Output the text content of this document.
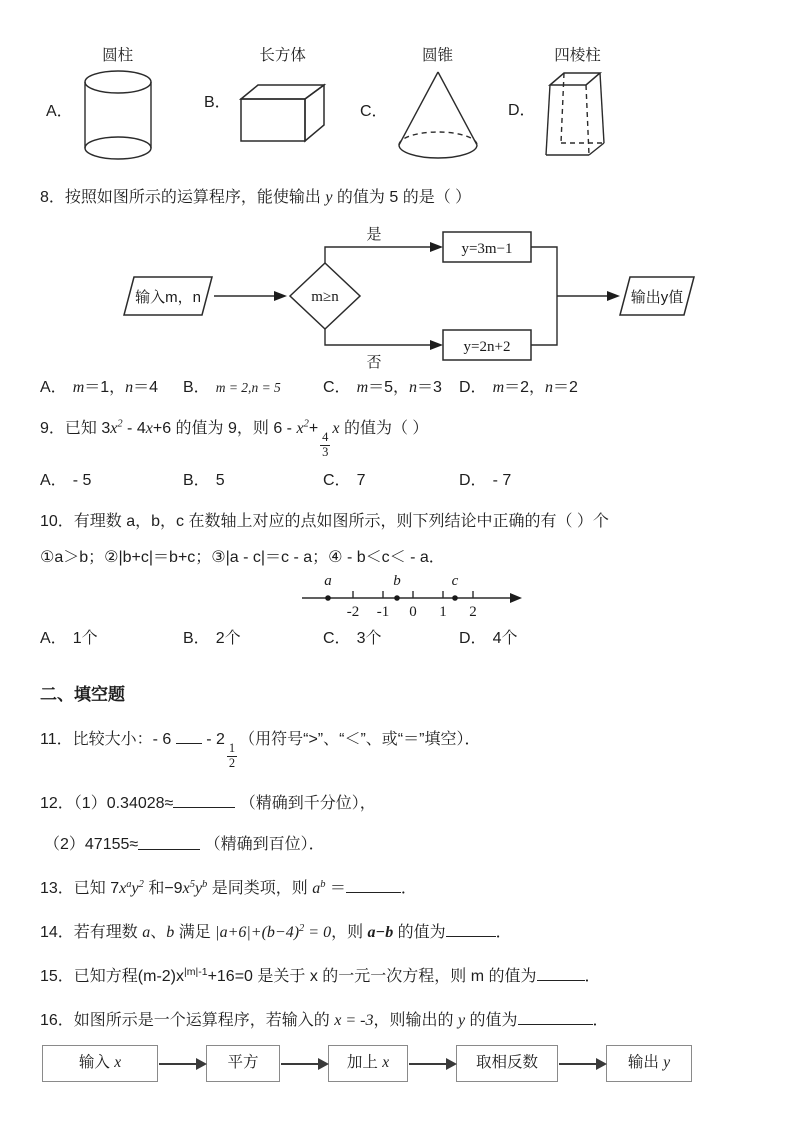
A．
圆柱
B．
长方体
C．
圆锥
D．
四棱柱
8．按照如图所示的运算程序，能使输出 y 的值为 5 的是（ ）
输入m，n	m≥n
是
y=3m−1
否
y=2n+2
输出y值
A． m＝1，n＝4	B． m = 2,n = 5	C． m＝5，n＝3	D． m＝2，n＝2
9．已知 $3x^2 - 4x+6$ 的值为 9，则 $6 - x^2+$
$\frac{4}{3}$
x 的值为（ ）
A． - 5	B． 5	C． 7	D． - 7
10．有理数 a，b，c 在数轴上对应的点如图所示，则下列结论中正确的有（ ）个
①a＞b；②|b+c|＝b+c；③|a - c|＝c - a；④ - b＜c＜ - a．
a	b	c
-2 -1 0 1 2
A． 1个	B． 2个	C． 3个	D． 4个
二、填空题
11．比较大小：- 6  - 2
$\frac{1}{2}$
（用符号“>”、“＜”、或“＝”填空）．
12．（1）0.34028≈	（精确到千分位），
（2）47155≈	（精确到百位）．
13．已知 $7x^ay^2$ 和$-9x^5y^b$ 是同类项，则 $a^b$ ＝	．
14．若有理数 a、b 满足 $|a+6|+(b-4)^2 = 0$，则 a−b 的值为	．
15．已知方程$(m-2)x^{|m|-1}+16=0$ 是关于 x 的一元一次方程，则 m 的值为	．
16．如图所示是一个运算程序，若输入的 x = -3，则输出的 y 的值为	．
输入 x	平方	加上 x	取相反数	输出 y
